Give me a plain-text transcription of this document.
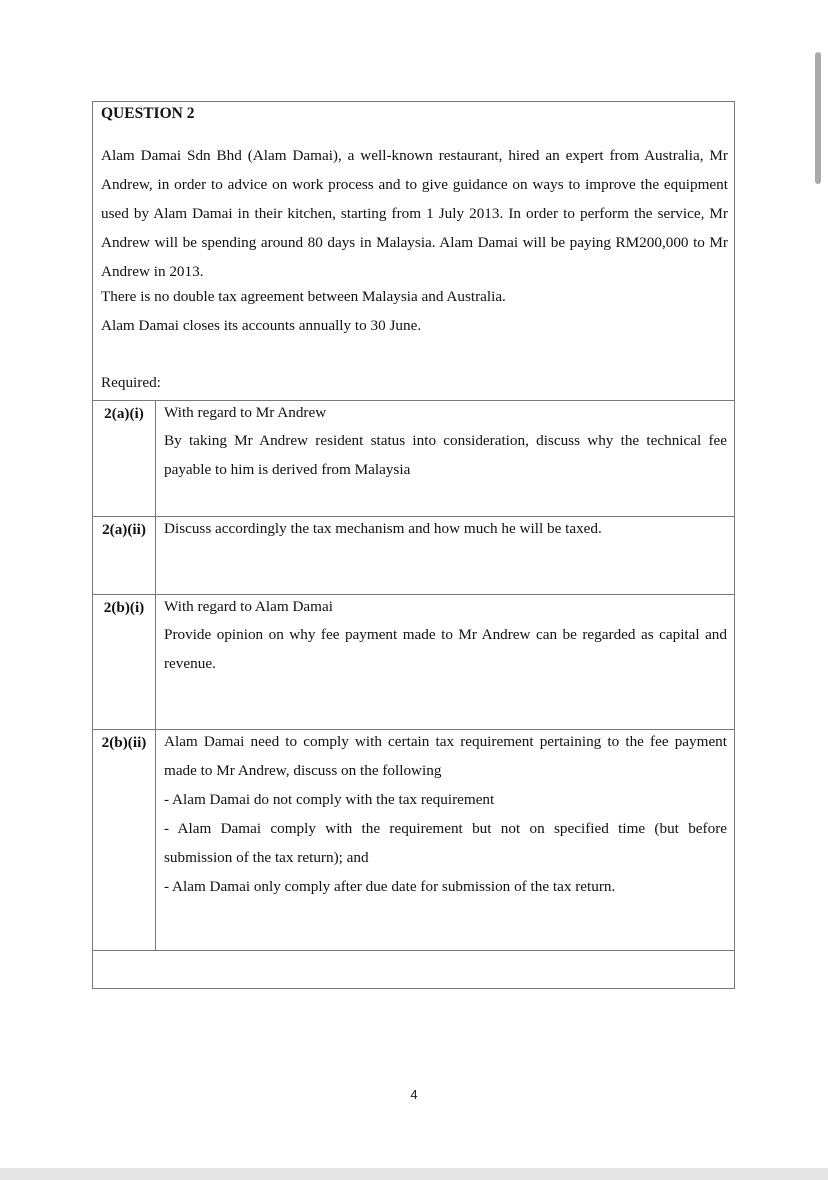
QUESTION 2
Alam Damai Sdn Bhd (Alam Damai), a well-known restaurant, hired an expert from Australia, Mr Andrew, in order to advice on work process and to give guidance on ways to improve the equipment used by Alam Damai in their kitchen, starting from 1 July 2013. In order to perform the service, Mr Andrew will be spending around 80 days in Malaysia. Alam Damai will be paying RM200,000 to Mr Andrew in 2013.
There is no double tax agreement between Malaysia and Australia.
Alam Damai closes its accounts annually to 30 June.
Required:
2(a)(i)	With regard to Mr Andrew
By taking Mr Andrew resident status into consideration, discuss why the technical fee payable to him is derived from Malaysia
2(a)(ii)	Discuss accordingly the tax mechanism and how much he will be taxed.
2(b)(i)	With regard to Alam Damai
Provide opinion on why fee payment made to Mr Andrew can be regarded as capital and revenue.
2(b)(ii)	Alam Damai need to comply with certain tax requirement pertaining to the fee payment made to Mr Andrew, discuss on the following
- Alam Damai do not comply with the tax requirement
- Alam Damai comply with the requirement but not on specified time (but before submission of the tax return); and
- Alam Damai only comply after due date for submission of the tax return.
4
